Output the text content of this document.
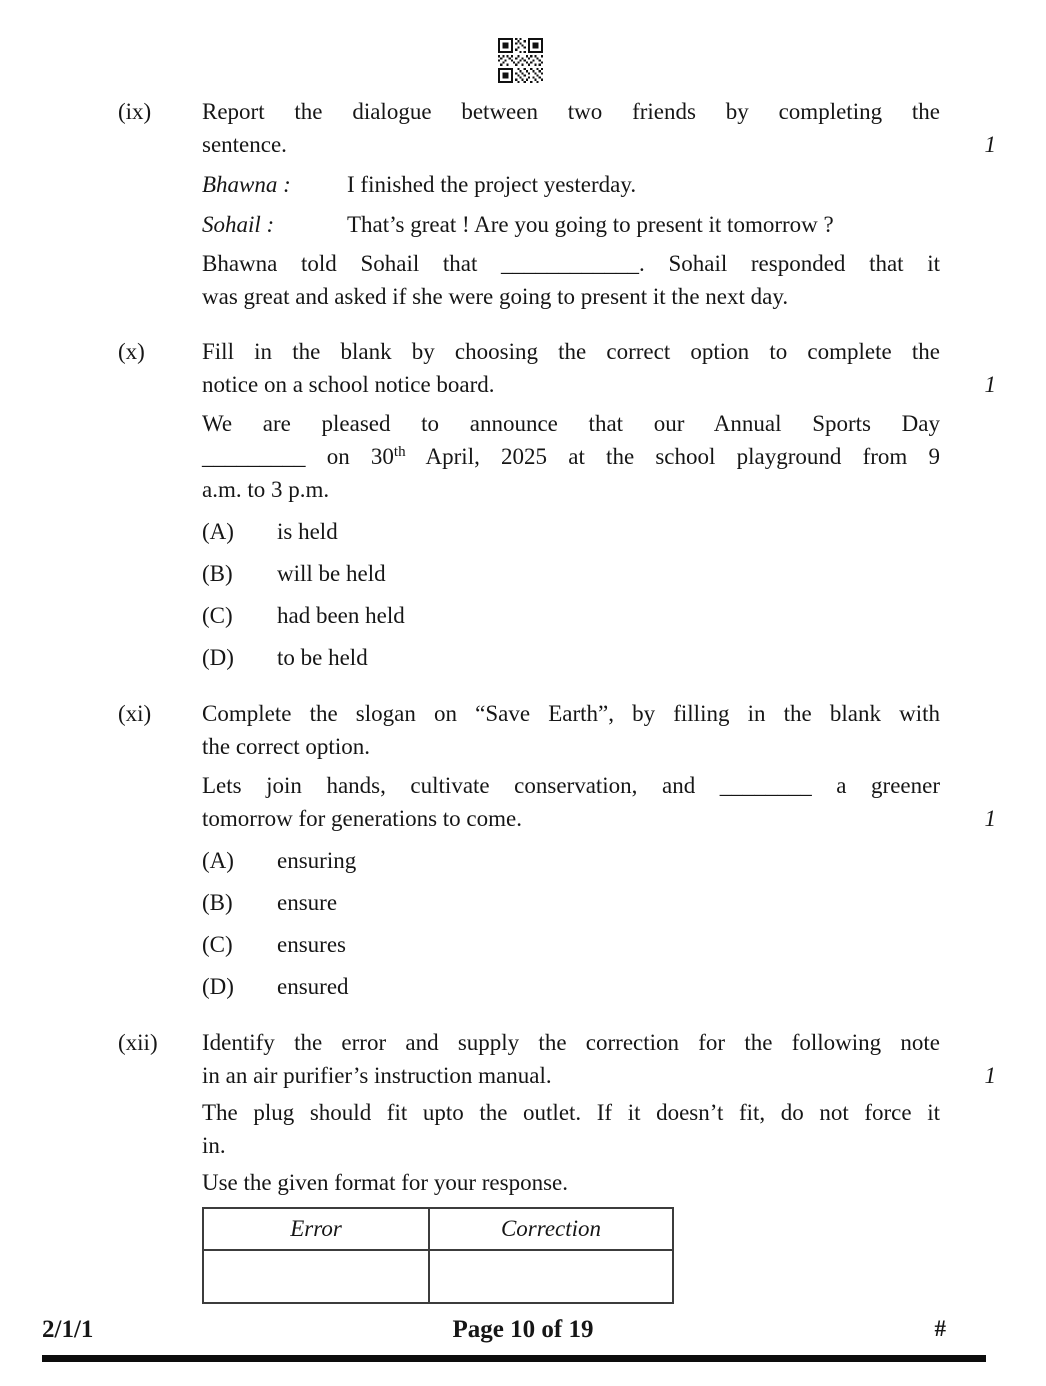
(ix)
1
Report the dialogue between two friends by completing the
sentence.
Bhawna : I finished the project yesterday.
Sohail :	That’s great ! Are you going to present it tomorrow ?
Bhawna told Sohail that ____________. Sohail responded that it
was great and asked if she were going to present it the next day.
(x)
1
Fill in the blank by choosing the correct option to complete the
notice on a school notice board.
We are pleased to announce that our Annual Sports Day
_________ on 30th April, 2025 at the school playground from 9
a.m. to 3 p.m.
(A) is held
(B) will be held
(C) had been held
(D) to be held
(xi)
1
Complete the slogan on “Save Earth”, by filling in the blank with
the correct option.
Lets join hands, cultivate conservation, and ________ a greener
tomorrow for generations to come.
(A) ensuring
(B) ensure
(C) ensures
(D) ensured
(xii)
1
Identify the error and supply the correction for the following note
in an air purifier’s instruction manual.
The plug should fit upto the outlet. If it doesn’t fit, do not force it
in.
Use the given format for your response.
Error	Correction

2/1/1	Page 10 of 19	#
